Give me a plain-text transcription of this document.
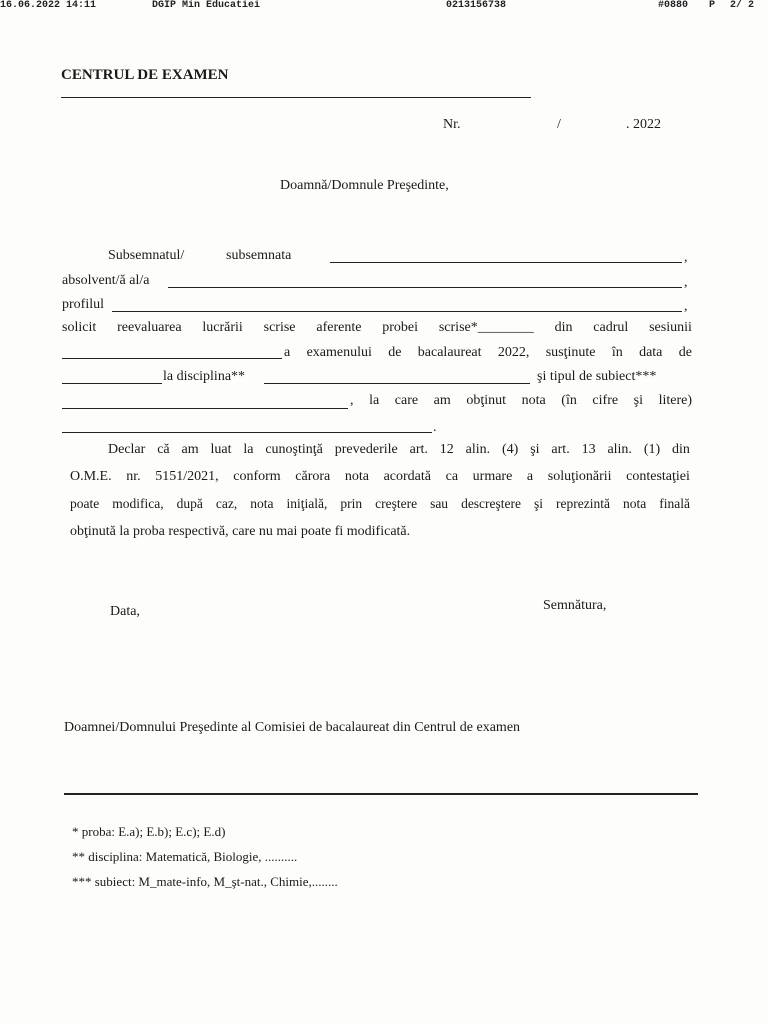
16.06.2022 14:11	DGIP Min Educatiei	0213156738	#0880 P 2/ 2
CENTRUL DE EXAMEN
Nr.	/	. 2022
Doamnă/Domnule Preşedinte,
Subsemnatul/	subsemnata	,
absolvent/ă al/a	,
profilul	,
solicit reevaluarea lucrării scrise aferente probei scrise*________ din cadrul sesiunii
a examenului de bacalaureat 2022, susţinute în data de
la disciplina**	şi tipul de subiect***
, la care am obţinut nota (în cifre şi litere)
.
Declar că am luat la cunoştinţă prevederile art. 12 alin. (4) şi art. 13 alin. (1) din
O.M.E. nr. 5151/2021, conform cărora nota acordată ca urmare a soluţionării contestaţiei
poate modifica, după caz, nota iniţială, prin creştere sau descreştere şi reprezintă nota finală
obţinută la proba respectivă, care nu mai poate fi modificată.
Data,	Semnătura,
Doamnei/Domnului Preşedinte al Comisiei de bacalaureat din Centrul de examen
* proba: E.a); E.b); E.c); E.d)
** disciplina: Matematică, Biologie, ..........
*** subiect: M_mate-info, M_şt-nat., Chimie,........
